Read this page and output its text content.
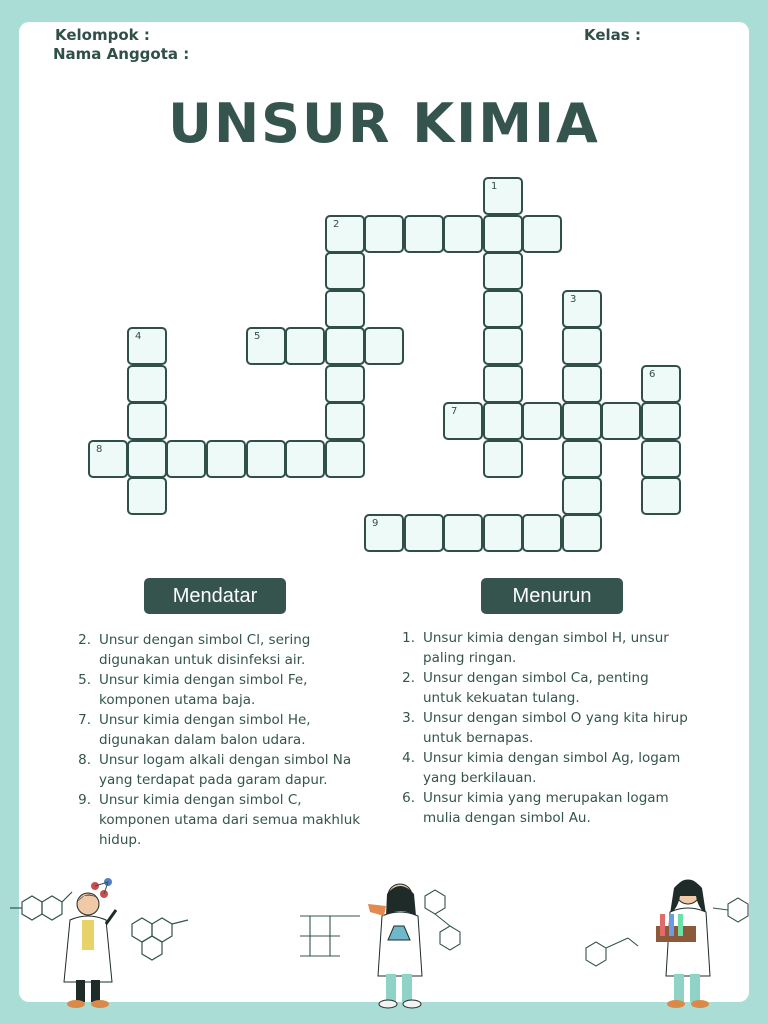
Kelompok :
Nama Anggota :
Kelas :
UNSUR KIMIA
1
2
3
4	5
6
7
8
9
Mendatar	Menurun
2. Unsur dengan simbol Cl, sering digunakan untuk disinfeksi air.
5. Unsur kimia dengan simbol Fe, komponen utama baja.
7. Unsur kimia dengan simbol He, digunakan dalam balon udara.
8. Unsur logam alkali dengan simbol Na yang terdapat pada garam dapur.
9. Unsur kimia dengan simbol C, komponen utama dari semua makhluk hidup.
1. Unsur kimia dengan simbol H, unsur paling ringan.
2. Unsur dengan simbol Ca, penting untuk kekuatan tulang.
3. Unsur dengan simbol O yang kita hirup untuk bernapas.
4. Unsur kimia dengan simbol Ag, logam yang berkilauan.
6. Unsur kimia yang merupakan logam mulia dengan simbol Au.
